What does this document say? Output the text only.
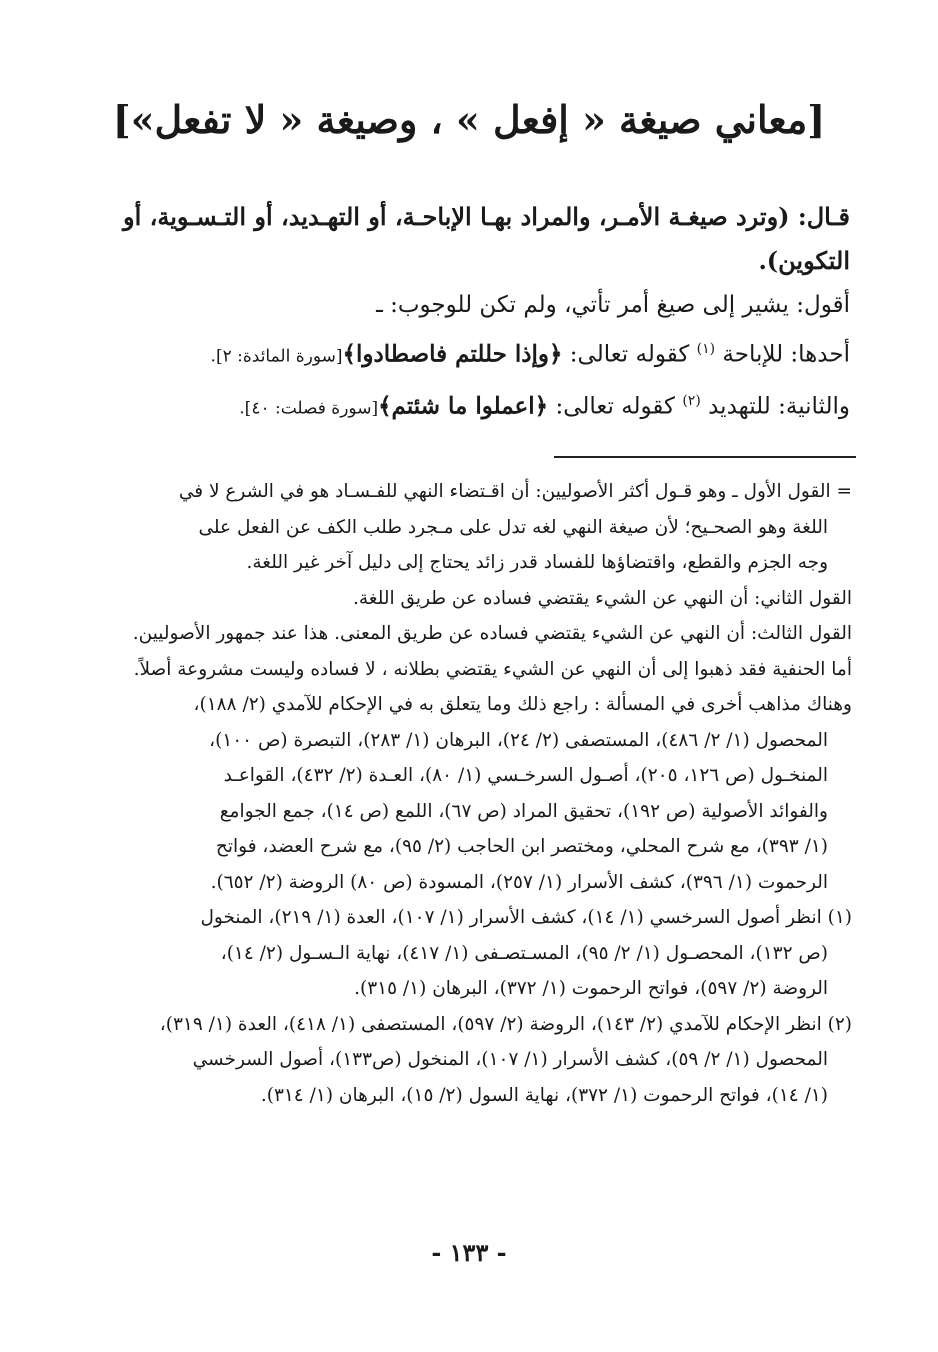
[معاني صيغة « إفعل » ، وصيغة « لا تفعل»]
قـال: (وترد صيغـة الأمـر، والمراد بهـا الإباحـة، أو التهـديد، أو التـسـوية، أو
التكوين).
أقول: يشير إلى صيغ أمر تأتي، ولم تكن للوجوب: ـ
أحدها: للإباحة $^{(١)}$ كقوله تعالى: ﴿وإذا حللتم فاصطادوا﴾[سورة المائدة: ٢].
والثانية: للتهديد $^{(٢)}$ كقوله تعالى: ﴿اعملوا ما شئتم﴾[سورة فصلت: ٤٠].
= القول الأول ـ وهو قـول أكثر الأصوليين: أن اقـتضاء النهي للفـسـاد هو في الشرع لا في
اللغة وهو الصحـيح؛ لأن صيغة النهي لغه تدل على مـجرد طلب الكف عن الفعل على
وجه الجزم والقطع، واقتضاؤها للفساد قدر زائد يحتاج إلى دليل آخر غير اللغة.
القول الثاني: أن النهي عن الشيء يقتضي فساده عن طريق اللغة.
القول الثالث: أن النهي عن الشيء يقتضي فساده عن طريق المعنى. هذا عند جمهور الأصوليين.
أما الحنفية فقد ذهبوا إلى أن النهي عن الشيء يقتضي بطلانه ، لا فساده وليست مشروعة أصلاً.
وهناك مذاهب أخرى في المسألة : راجع ذلك وما يتعلق به في الإحكام للآمدي (٢/ ١٨٨)،
المحصول (١/ ٢/ ٤٨٦)، المستصفى (٢/ ٢٤)، البرهان (١/ ٢٨٣)، التبصرة (ص ١٠٠)،
المنخـول (ص ١٢٦، ٢٠٥)، أصـول السرخـسي (١/ ٨٠)، العـدة (٢/ ٤٣٢)، القواعـد
والفوائد الأصولية (ص ١٩٢)، تحقيق المراد (ص ٦٧)، اللمع (ص ١٤)، جمع الجوامع
(١/ ٣٩٣)، مع شرح المحلي، ومختصر ابن الحاجب (٢/ ٩٥)، مع شرح العضد، فواتح
الرحموت (١/ ٣٩٦)، كشف الأسرار (١/ ٢٥٧)، المسودة (ص ٨٠) الروضة (٢/ ٦٥٢).
(١) انظر أصول السرخسي (١/ ١٤)، كشف الأسرار (١/ ١٠٧)، العدة (١/ ٢١٩)، المنخول
(ص ١٣٢)، المحصـول (١/ ٢/ ٩٥)، المسـتصـفى (١/ ٤١٧)، نهاية الـسـول (٢/ ١٤)،
الروضة (٢/ ٥٩٧)، فواتح الرحموت (١/ ٣٧٢)، البرهان (١/ ٣١٥).
(٢) انظر الإحكام للآمدي (٢/ ١٤٣)، الروضة (٢/ ٥٩٧)، المستصفى (١/ ٤١٨)، العدة (١/ ٣١٩)،
المحصول (١/ ٢/ ٥٩)، كشف الأسرار (١/ ١٠٧)، المنخول (ص١٣٣)، أصول السرخسي
(١/ ١٤)، فواتح الرحموت (١/ ٣٧٢)، نهاية السول (٢/ ١٥)، البرهان (١/ ٣١٤).
- ١٣٣ -
